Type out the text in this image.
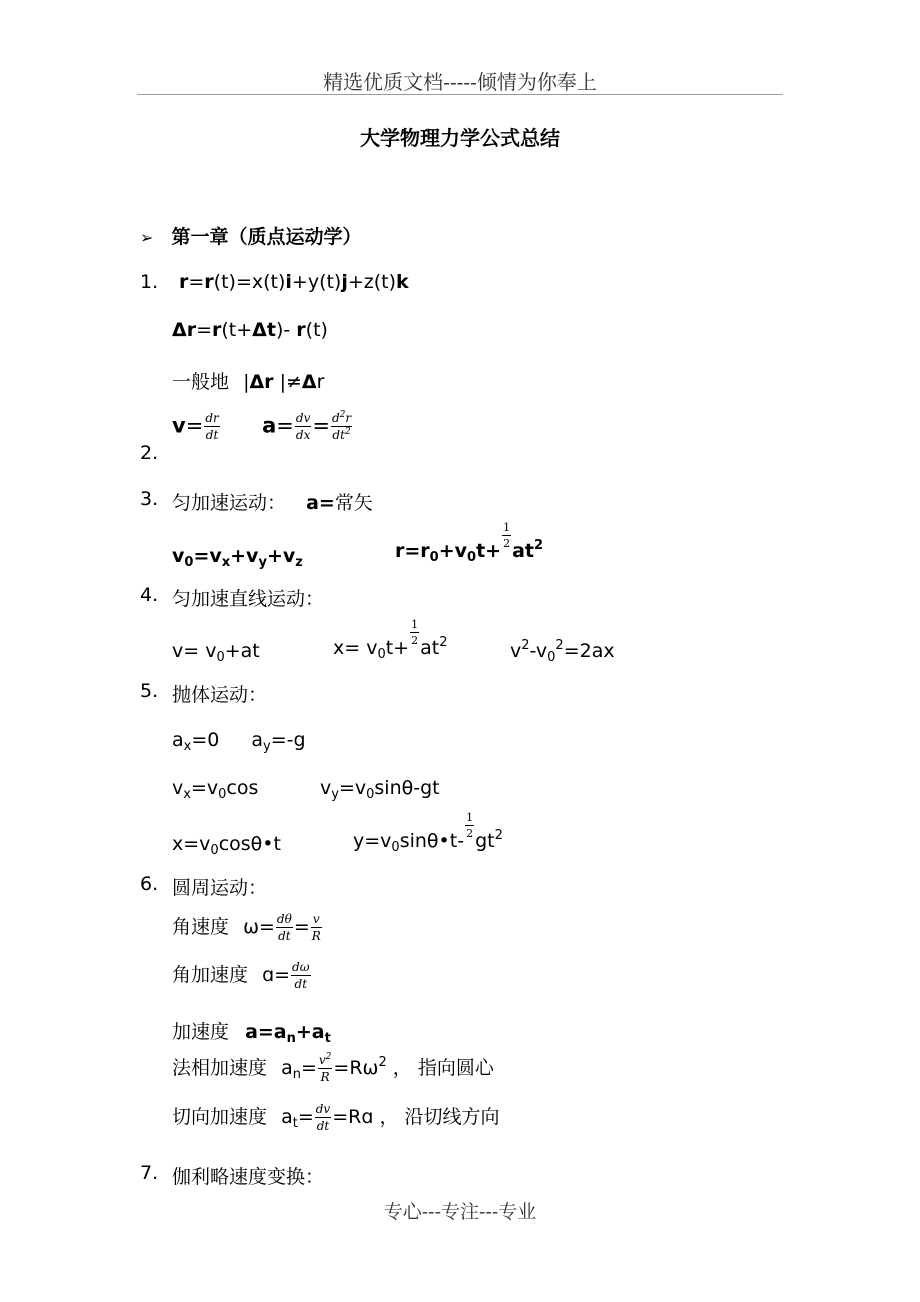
精选优质文档-----倾情为你奉上
大学物理力学公式总结
➢ 第一章（质点运动学）
1. r=r(t)=x(t)i+y(t)j+z(t)k
Δr=r(t+Δt)- r(t)
一般地 |Δr |≠Δr
2.
$v= \frac{dr}{dt} a= \frac{dv}{dx} = \frac{d^2r}{dt^2}$
3. 匀加速运动： a=常矢
$v_0=v_x+v_y+v_z$
$r=r_0+v_0t+$
$\frac{1}{2}$
$at^2$
4. 匀加速直线运动：
$v= v_0+at$	$x= v_0t+$
$\frac{1}{2}$
$at^2$	$v^2-v_0^2=2ax$
5. 抛体运动：
$a_x=0$ $a_y=-g$
$v_x=v_0\cos$	$v_y=v_0\sin\theta-gt$
$x=v_0\cos\theta•t$	$y=v_0\sin\theta•t-$
$\frac{1}{2}$
$gt^2$
6. 圆周运动：
角速度 $\omega= \frac{d\theta}{dt} = \frac{v}{R}$
角加速度 ɑ= $\frac{d\omega}{dt}$
加速度 $a=a_n+a_t$
法相加速度 $a_n= \frac{v^2}{R} =R\omega^2$ ， 指向圆心
切向加速度 $a_t= \frac{dv}{dt}$ =Rɑ ， 沿切线方向
7. 伽利略速度变换：
专心---专注---专业
